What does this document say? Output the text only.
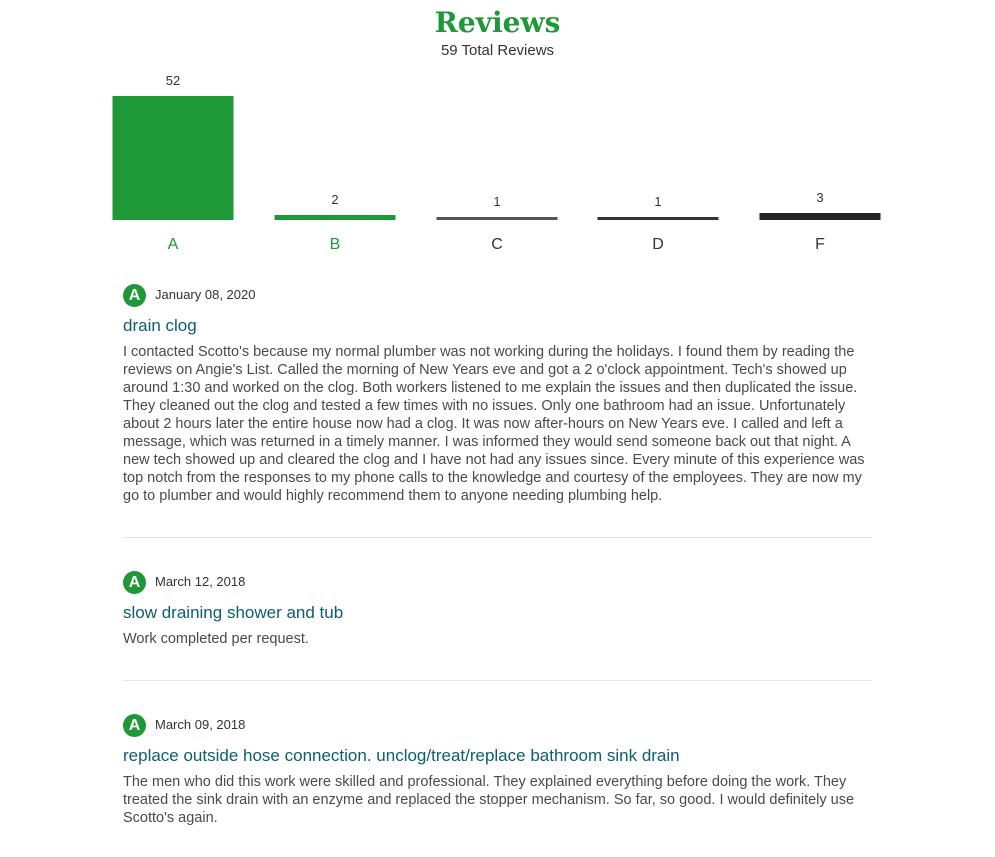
Reviews
59 Total Reviews
52
A
2
B
1
C
1
D
3
F
A	January 08, 2020
drain clog
I contacted Scotto's because my normal plumber was not working during the holidays. I found them by reading the reviews on Angie's List. Called the morning of New Years eve and got a 2 o'clock appointment. Tech's showed up around 1:30 and worked on the clog. Both workers listened to me explain the issues and then duplicated the issue. They cleaned out the clog and tested a few times with no issues. Only one bathroom had an issue. Unfortunately about 2 hours later the entire house now had a clog. It was now after-hours on New Years eve. I called and left a message, which was returned in a timely manner. I was informed they would send someone back out that night. A new tech showed up and cleared the clog and I have not had any issues since. Every minute of this experience was top notch from the responses to my phone calls to the knowledge and courtesy of the employees. They are now my go to plumber and would highly recommend them to anyone needing plumbing help.
A	March 12, 2018
slow draining shower and tub
Work completed per request.
A	March 09, 2018
replace outside hose connection. unclog/treat/replace bathroom sink drain
The men who did this work were skilled and professional. They explained everything before doing the work. They treated the sink drain with an enzyme and replaced the stopper mechanism. So far, so good. I would definitely use Scotto's again.
